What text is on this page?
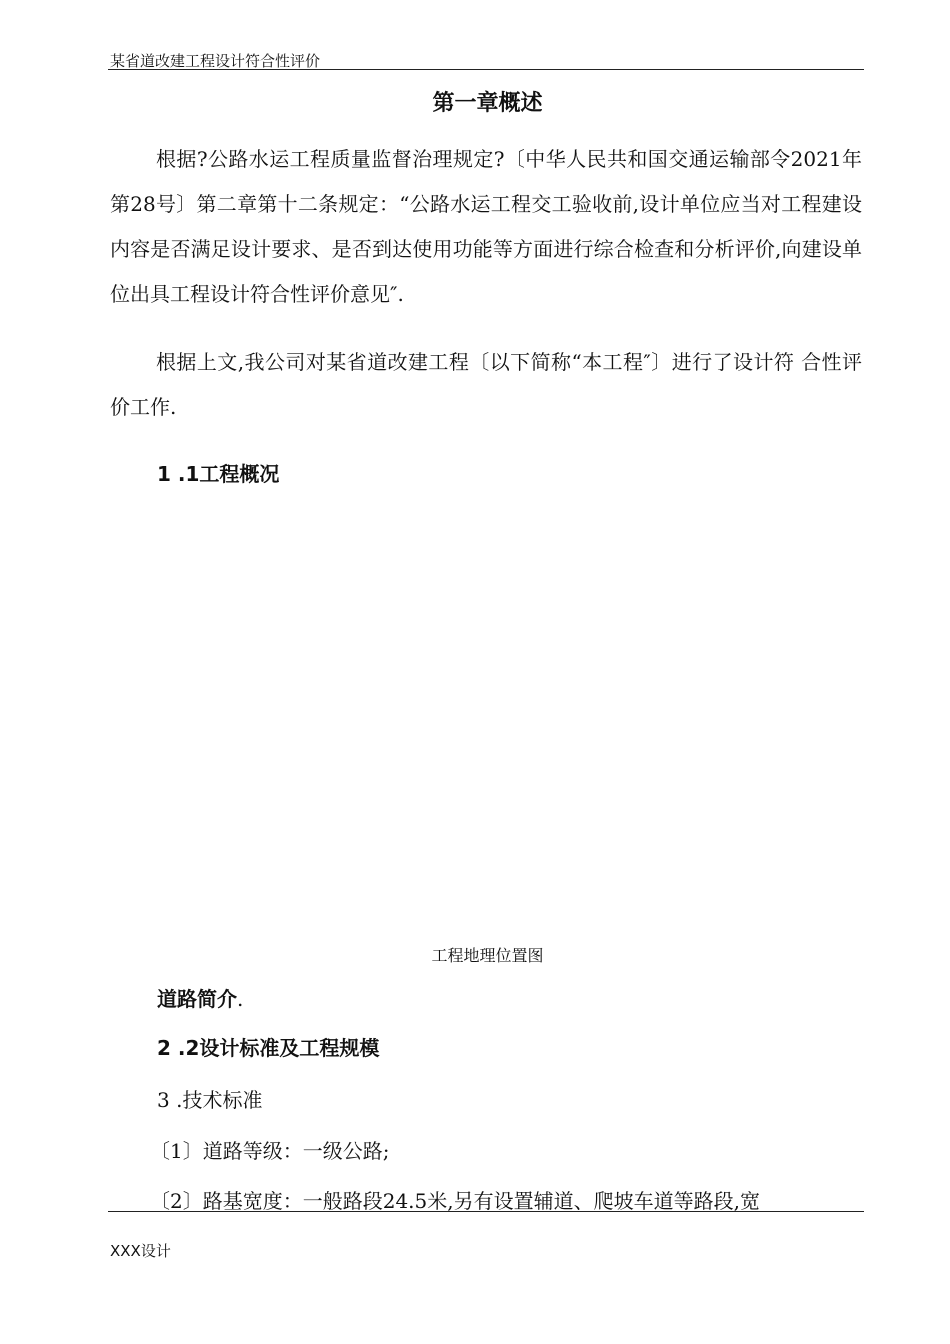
某省道改建工程设计符合性评价
第一章概述

根据?公路水运工程质量监督治理规定?〔中华人民共和国交通运输部令2021年第28号〕第二章第十二条规定：“公路水运工程交工验收前,设计单位应当对工程建设内容是否满足设计要求、是否到达使用功能等方面进行综合检查和分析评价,向建设单位出具工程设计符合性评价意见″.

根据上文,我公司对某省道改建工程〔以下简称“本工程″〕进行了设计符 合性评价工作.

1 .1工程概况
工程地理位置图
道路简介.
2 .2设计标准及工程规模
3 .技术标准
〔1〕道路等级：一级公路;
〔2〕路基宽度：一般路段24.5米,另有设置辅道、爬坡车道等路段,宽
XXX设计
